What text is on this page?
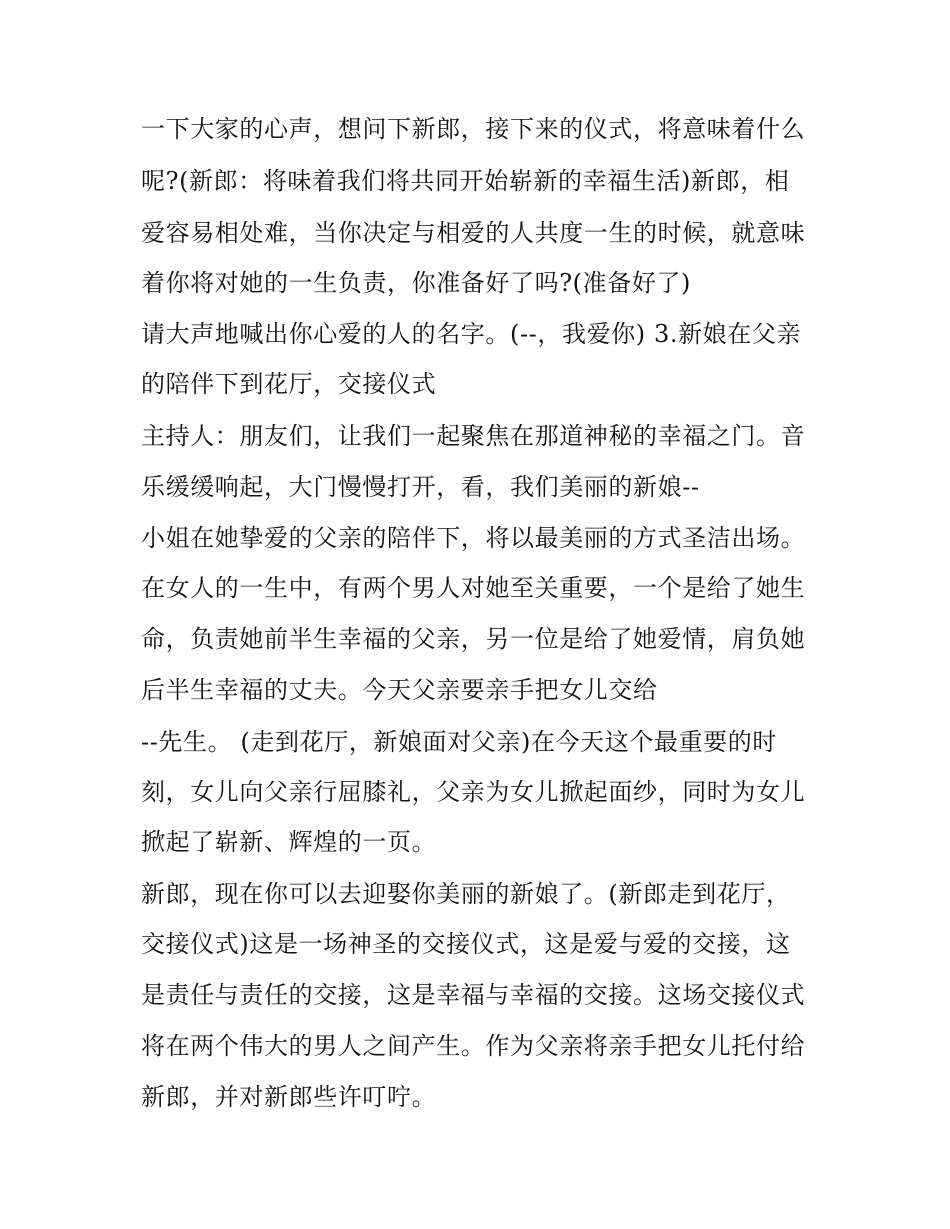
一下大家的心声，想问下新郎，接下来的仪式，将意味着什么
呢?(新郎：将味着我们将共同开始崭新的幸福生活)新郎，相
爱容易相处难，当你决定与相爱的人共度一生的时候，就意味
着你将对她的一生负责，你准备好了吗?(准备好了)
请大声地喊出你心爱的人的名字。(--，我爱你) 3.新娘在父亲
的陪伴下到花厅，交接仪式
主持人：朋友们，让我们一起聚焦在那道神秘的幸福之门。音
乐缓缓响起，大门慢慢打开，看，我们美丽的新娘--
小姐在她挚爱的父亲的陪伴下，将以最美丽的方式圣洁出场。
在女人的一生中，有两个男人对她至关重要，一个是给了她生
命，负责她前半生幸福的父亲，另一位是给了她爱情，肩负她
后半生幸福的丈夫。今天父亲要亲手把女儿交给
--先生。 (走到花厅，新娘面对父亲)在今天这个最重要的时
刻，女儿向父亲行屈膝礼，父亲为女儿掀起面纱，同时为女儿
掀起了崭新、辉煌的一页。
新郎，现在你可以去迎娶你美丽的新娘了。(新郎走到花厅，
交接仪式)这是一场神圣的交接仪式，这是爱与爱的交接，这
是责任与责任的交接，这是幸福与幸福的交接。这场交接仪式
将在两个伟大的男人之间产生。作为父亲将亲手把女儿托付给
新郎，并对新郎些许叮咛。
